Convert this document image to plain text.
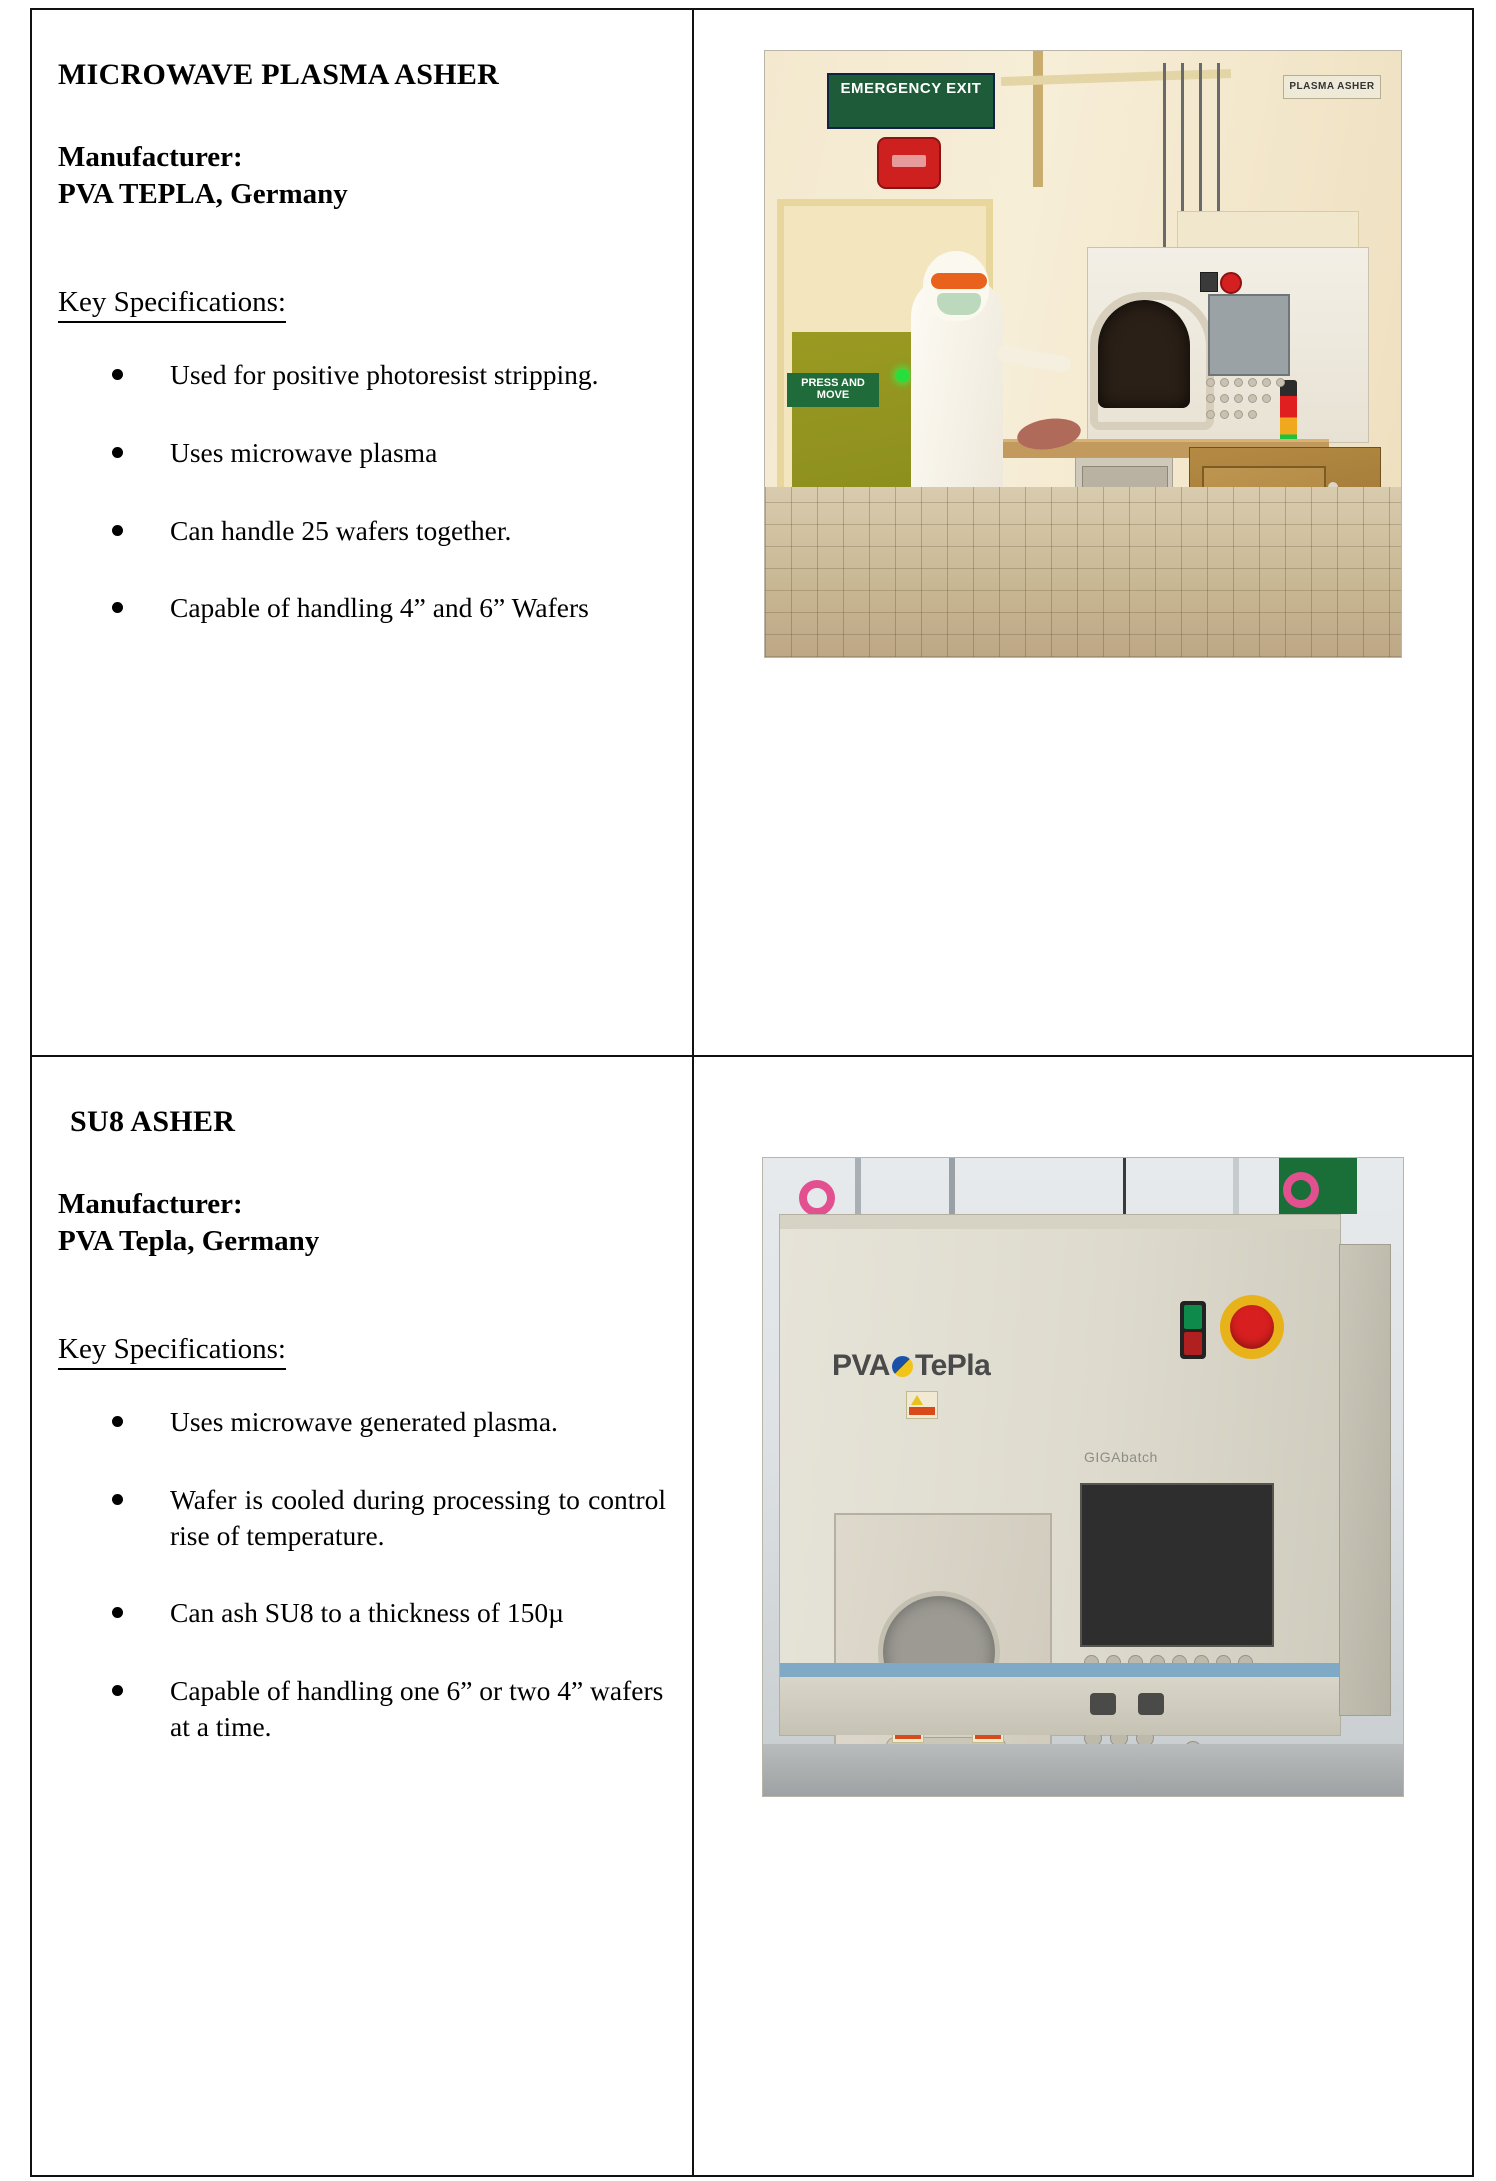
MICROWAVE PLASMA ASHER
Manufacturer:
PVA TEPLA, Germany
Key Specifications:
Used for positive photoresist stripping.
Uses microwave plasma
Can handle 25 wafers together.
Capable of handling 4” and 6” Wafers

EMERGENCY EXIT
PRESS AND MOVE
PLASMA ASHER

SU8 ASHER
Manufacturer:
PVA Tepla, Germany
Key Specifications:
Uses microwave generated plasma.
Wafer is cooled during processing to control rise of temperature.
Can ash SU8 to a thickness of 150µ
Capable of handling one 6” or two 4” wafers at a time.

PVA TePla
GIGAbatch
